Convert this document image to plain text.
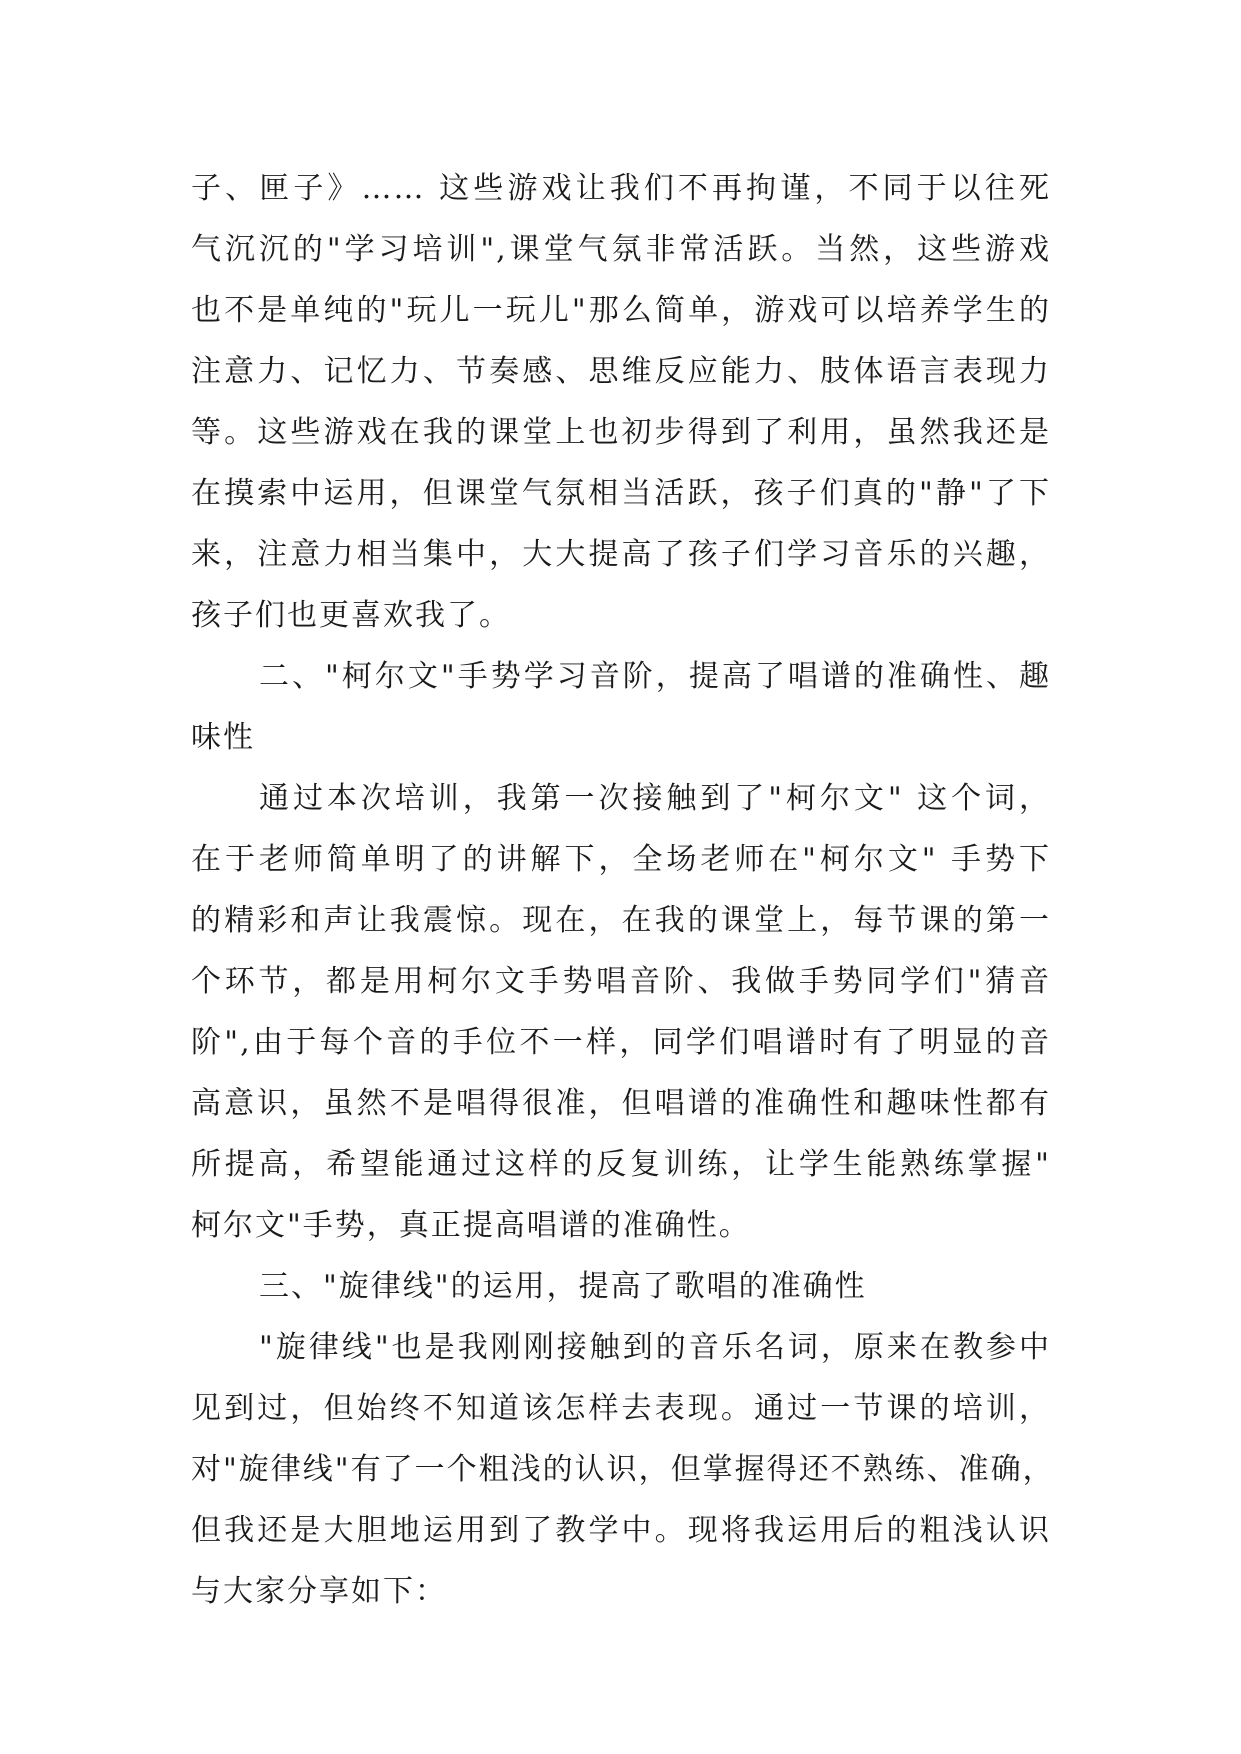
子、匣子》…… 这些游戏让我们不再拘谨，不同于以往死
气沉沉的"学习培训",课堂气氛非常活跃。当然，这些游戏
也不是单纯的"玩儿一玩儿"那么简单，游戏可以培养学生的
注意力、记忆力、节奏感、思维反应能力、肢体语言表现力
等。这些游戏在我的课堂上也初步得到了利用，虽然我还是
在摸索中运用，但课堂气氛相当活跃，孩子们真的"静"了下
来，注意力相当集中，大大提高了孩子们学习音乐的兴趣，
孩子们也更喜欢我了。
二、"柯尔文"手势学习音阶，提高了唱谱的准确性、趣
味性
通过本次培训，我第一次接触到了"柯尔文" 这个词，
在于老师简单明了的讲解下，全场老师在"柯尔文" 手势下
的精彩和声让我震惊。现在，在我的课堂上，每节课的第一
个环节，都是用柯尔文手势唱音阶、我做手势同学们"猜音
阶",由于每个音的手位不一样，同学们唱谱时有了明显的音
高意识，虽然不是唱得很准，但唱谱的准确性和趣味性都有
所提高，希望能通过这样的反复训练，让学生能熟练掌握"
柯尔文"手势，真正提高唱谱的准确性。
三、"旋律线"的运用，提高了歌唱的准确性
"旋律线"也是我刚刚接触到的音乐名词，原来在教参中
见到过，但始终不知道该怎样去表现。通过一节课的培训，
对"旋律线"有了一个粗浅的认识，但掌握得还不熟练、准确，
但我还是大胆地运用到了教学中。现将我运用后的粗浅认识
与大家分享如下：
